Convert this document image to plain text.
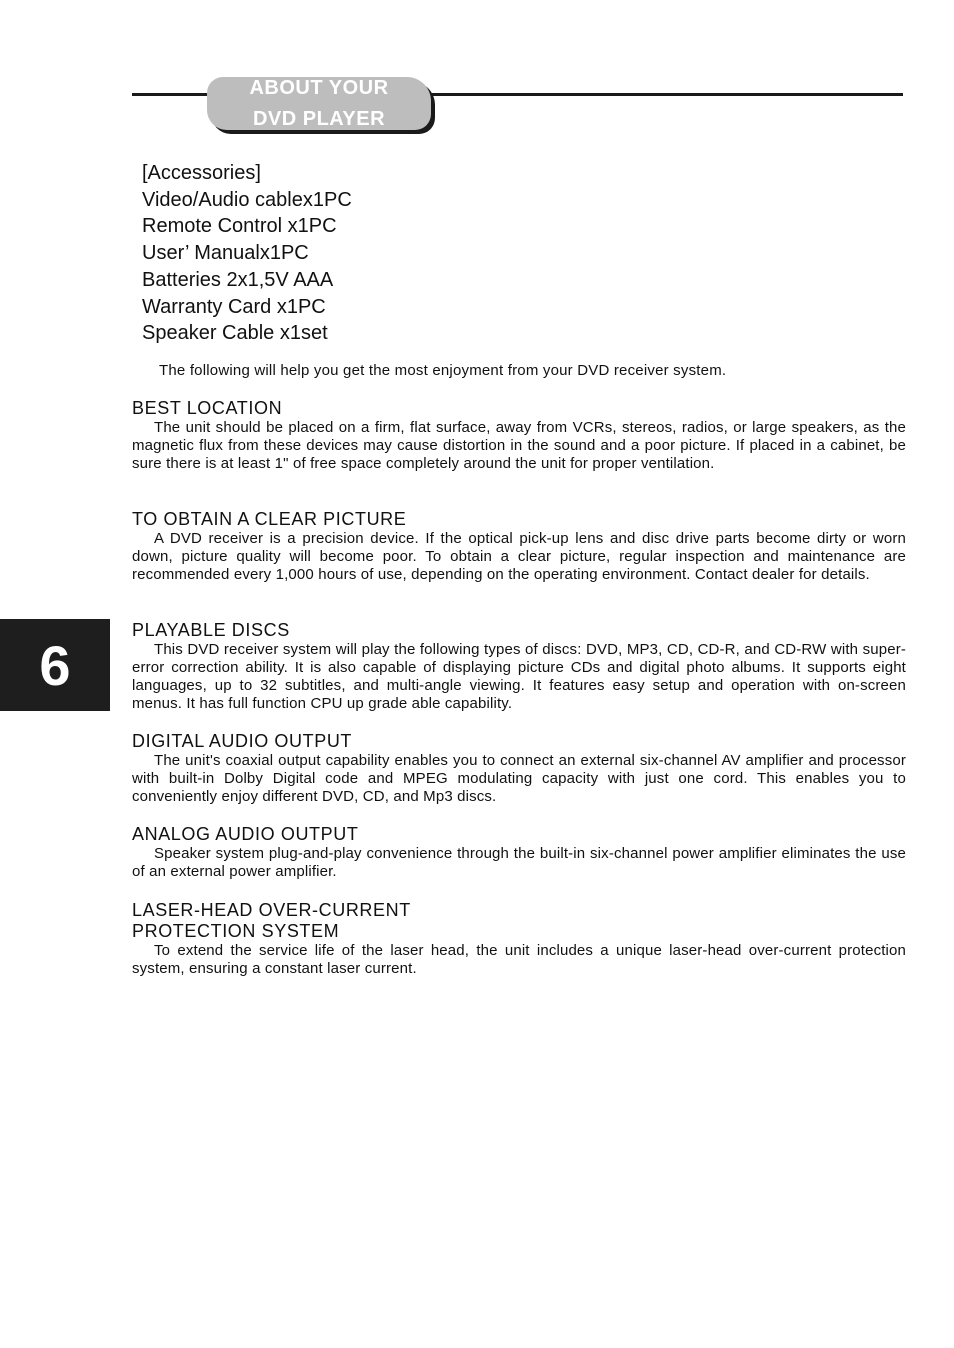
ABOUT YOUR
DVD PLAYER
[Accessories]
Video/Audio cablex1PC
Remote Control x1PC
User’ Manualx1PC
Batteries 2x1,5V AAA
Warranty Card x1PC
Speaker Cable x1set
The following will help you get the most enjoyment from your DVD receiver system.
BEST LOCATION

The unit should be placed on a firm, flat surface, away from VCRs, stereos, radios, or large speakers, as the magnetic flux from these devices may cause distortion in the sound and a poor picture. If placed in a cabinet, be sure there is at least 1" of free space completely around the unit for proper ventilation.

TO OBTAIN A CLEAR PICTURE

A DVD receiver is a precision device. If the optical pick-up lens and disc drive parts become dirty or worn down, picture quality will become poor. To obtain a clear picture, regular inspection and maintenance are recommended every 1,000 hours of use, depending on the operating environment. Contact dealer for details.

PLAYABLE DISCS

This DVD receiver system will play the following types of discs: DVD, MP3, CD, CD-R, and CD-RW with super-error correction ability. It is also capable of displaying picture CDs and digital photo albums. It supports eight languages, up to 32 subtitles, and multi-angle viewing. It features easy setup and operation with on-screen menus. It has full function CPU up grade able capability.

DIGITAL AUDIO OUTPUT

The unit's coaxial output capability enables you to connect an external six-channel AV amplifier and processor with built-in Dolby Digital code and MPEG modulating capacity with just one cord. This enables you to conveniently enjoy different DVD, CD, and Mp3 discs.

ANALOG AUDIO OUTPUT

Speaker system plug-and-play convenience through the built-in six-channel power amplifier eliminates the use of an external power amplifier.

LASER-HEAD OVER-CURRENT
PROTECTION SYSTEM

To extend the service life of the laser head, the unit includes a unique laser-head over-current protection system, ensuring a constant laser current.

6
